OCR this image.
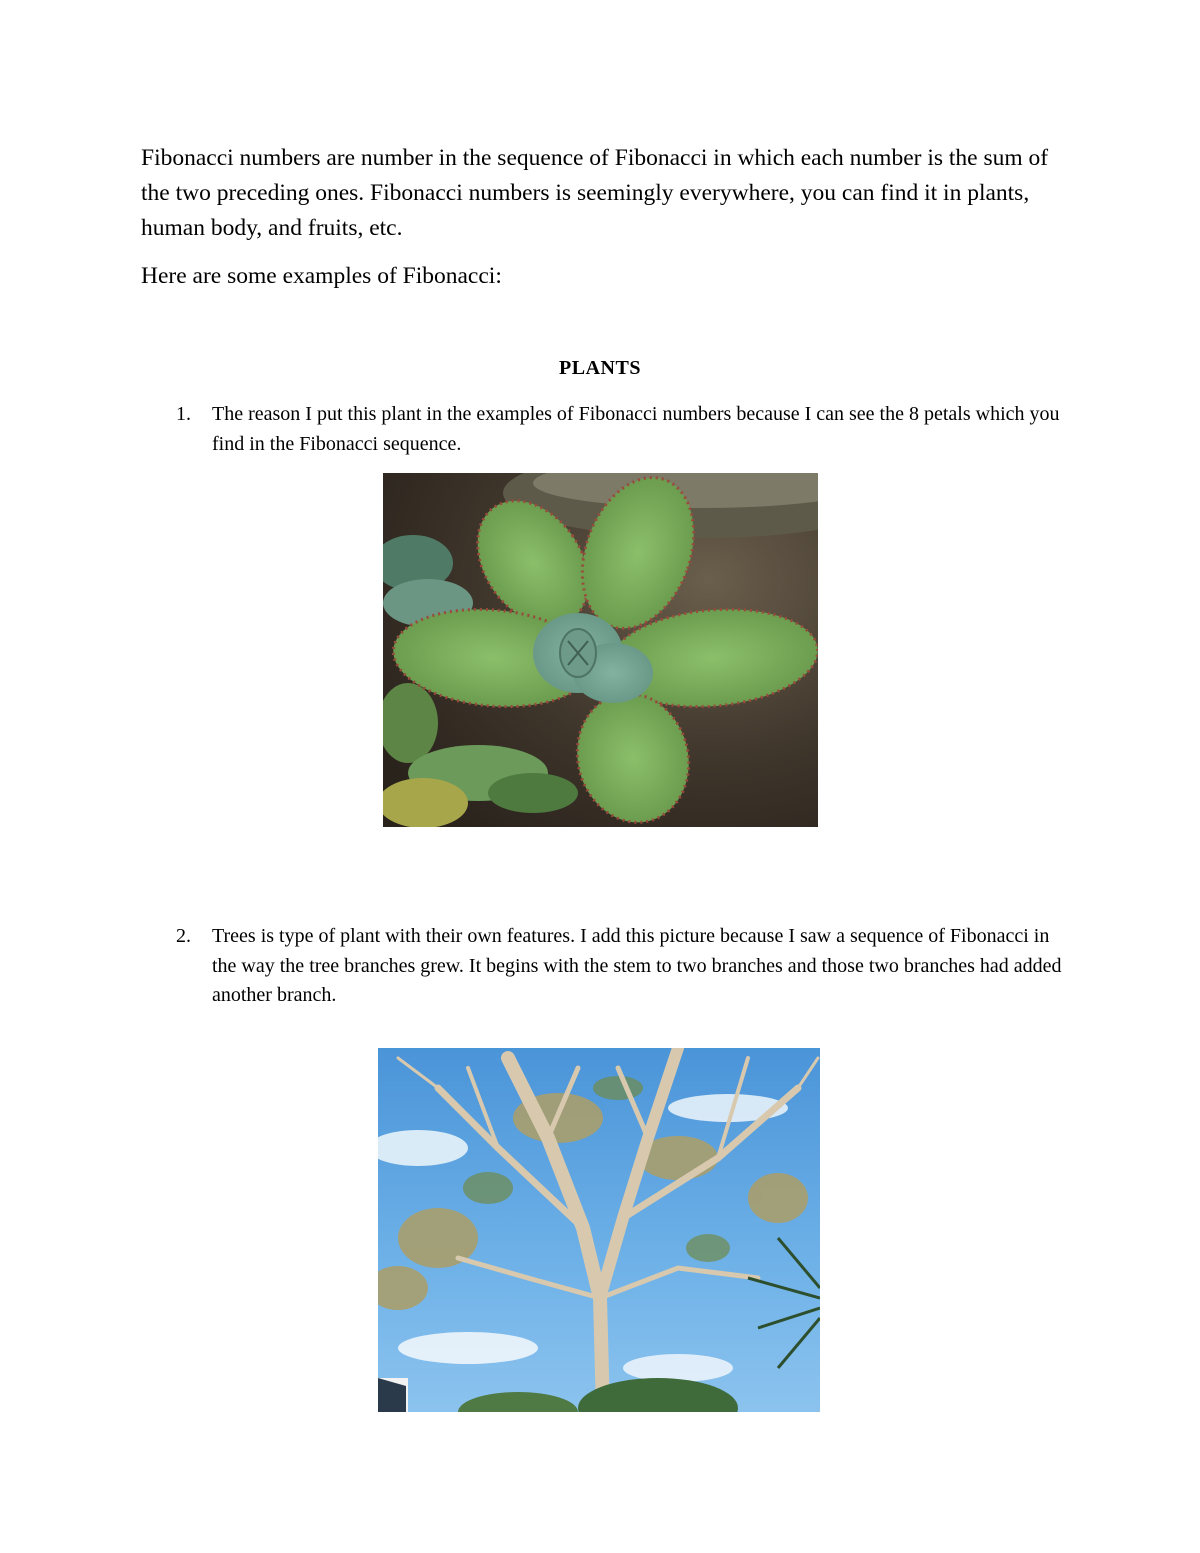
Fibonacci numbers are number in the sequence of Fibonacci in which each number is the sum of the two preceding ones. Fibonacci numbers is seemingly everywhere, you can find it in plants, human body, and fruits, etc.

Here are some examples of Fibonacci:

PLANTS
1.	The reason I put this plant in the examples of Fibonacci numbers because I can see the 8 petals which you find in the Fibonacci sequence.
2.	Trees is type of plant with their own features. I add this picture because I saw a sequence of Fibonacci in the way the tree branches grew. It begins with the stem to two branches and those two branches had added another branch.
